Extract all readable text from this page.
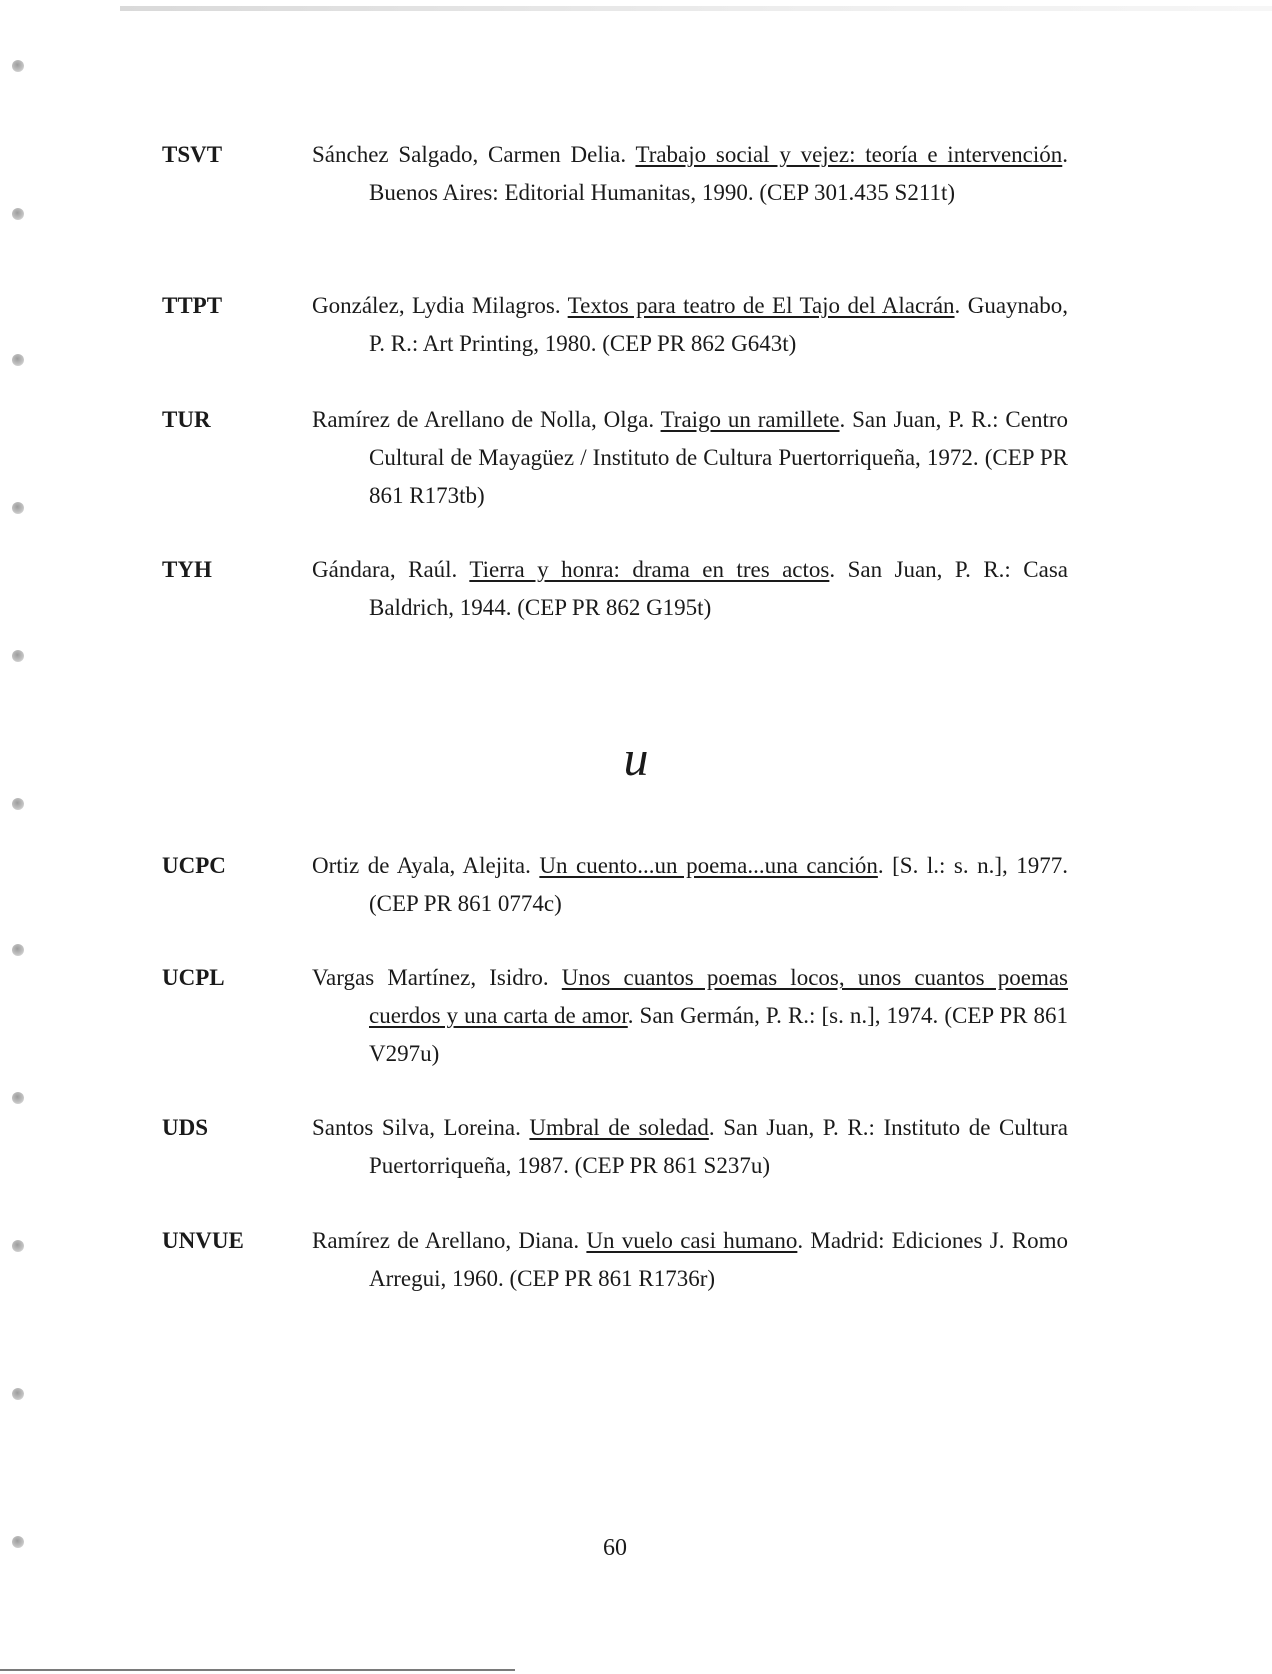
TSVT	Sánchez Salgado, Carmen Delia. Trabajo social y vejez: teoría e intervención. Buenos Aires: Editorial Humanitas, 1990. (CEP 301.435 S211t)
TTPT	González, Lydia Milagros. Textos para teatro de El Tajo del Alacrán. Guaynabo, P. R.: Art Printing, 1980. (CEP PR 862 G643t)
TUR	Ramírez de Arellano de Nolla, Olga. Traigo un ramillete. San Juan, P. R.: Centro Cultural de Mayagüez / Instituto de Cultura Puertorriqueña, 1972. (CEP PR 861 R173tb)
TYH	Gándara, Raúl. Tierra y honra: drama en tres actos. San Juan, P. R.: Casa Baldrich, 1944. (CEP PR 862 G195t)
u
UCPC	Ortiz de Ayala, Alejita. Un cuento...un poema...una canción. [S. l.: s. n.], 1977. (CEP PR 861 0774c)
UCPL	Vargas Martínez, Isidro. Unos cuantos poemas locos, unos cuantos poemas cuerdos y una carta de amor. San Germán, P. R.: [s. n.], 1974. (CEP PR 861 V297u)
UDS	Santos Silva, Loreina. Umbral de soledad. San Juan, P. R.: Instituto de Cultura Puertorriqueña, 1987. (CEP PR 861 S237u)
UNVUE	Ramírez de Arellano, Diana. Un vuelo casi humano. Madrid: Ediciones J. Romo Arregui, 1960. (CEP PR 861 R1736r)
60
